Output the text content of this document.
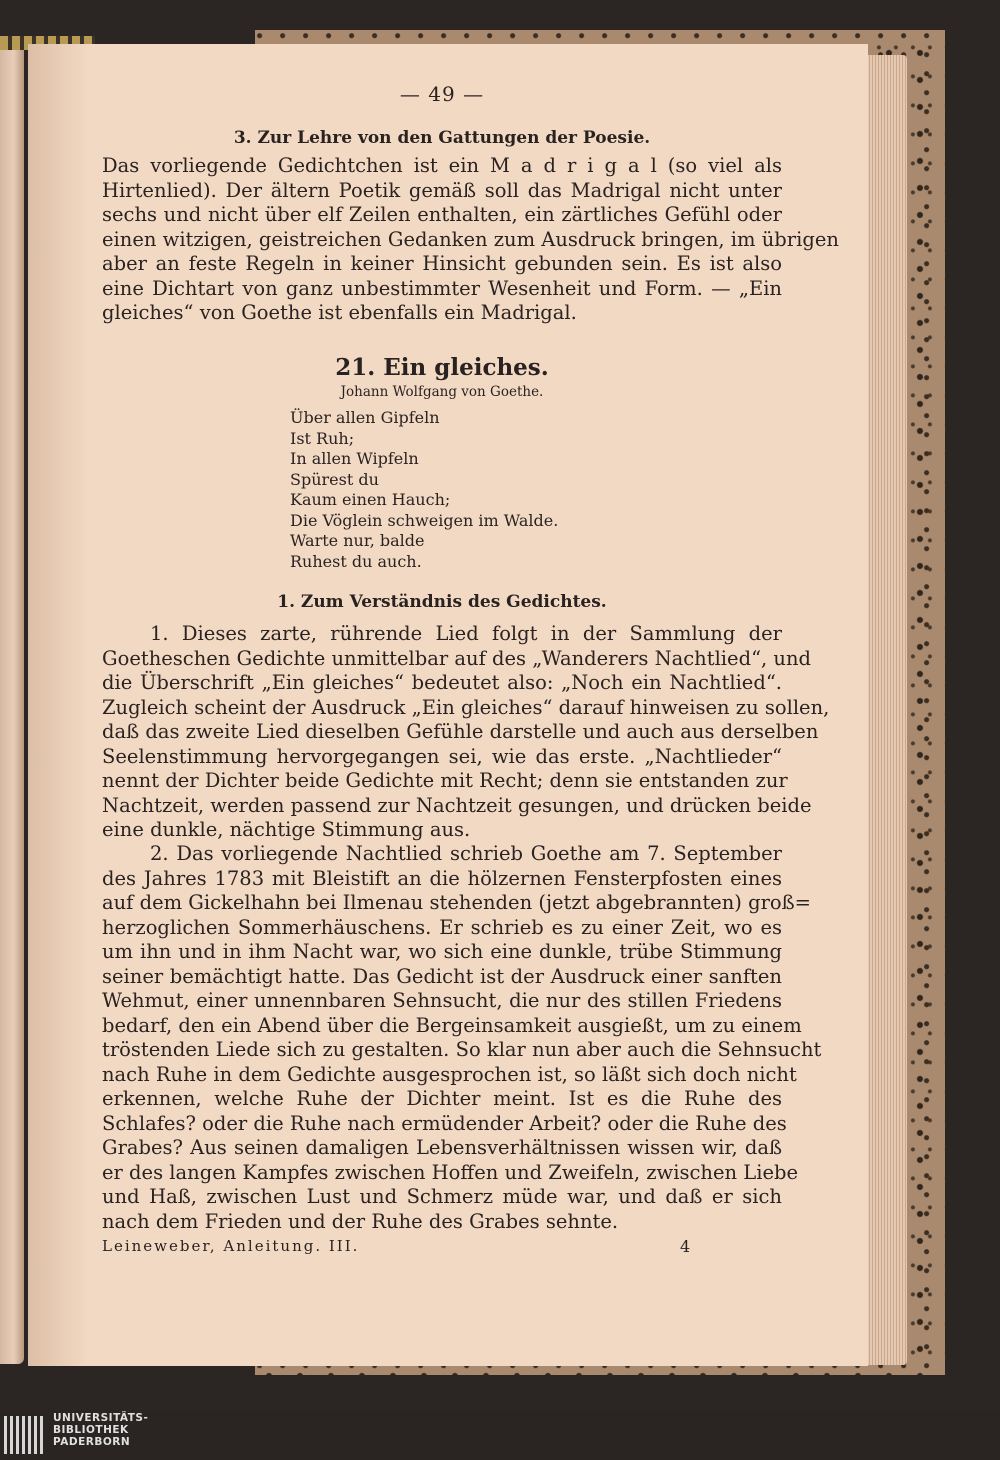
— 49 —
3. Zur Lehre von den Gattungen der Poesie.
Das vorliegende Gedichtchen ist ein M a d r i g a l (so viel als
Hirtenlied). Der ältern Poetik gemäß soll das Madrigal nicht unter
sechs und nicht über elf Zeilen enthalten, ein zärtliches Gefühl oder
einen witzigen, geistreichen Gedanken zum Ausdruck bringen, im übrigen
aber an feste Regeln in keiner Hinsicht gebunden sein. Es ist also
eine Dichtart von ganz unbestimmter Wesenheit und Form. — „Ein
gleiches“ von Goethe ist ebenfalls ein Madrigal.
21. Ein gleiches.
Johann Wolfgang von Goethe.
Über allen Gipfeln
Ist Ruh;
In allen Wipfeln
Spürest du
Kaum einen Hauch;
Die Vöglein schweigen im Walde.
Warte nur, balde
Ruhest du auch.
1. Zum Verständnis des Gedichtes.
1. Dieses zarte, rührende Lied folgt in der Sammlung der
Goetheschen Gedichte unmittelbar auf des „Wanderers Nachtlied“, und
die Überschrift „Ein gleiches“ bedeutet also: „Noch ein Nachtlied“.
Zugleich scheint der Ausdruck „Ein gleiches“ darauf hinweisen zu sollen,
daß das zweite Lied dieselben Gefühle darstelle und auch aus derselben
Seelenstimmung hervorgegangen sei, wie das erste. „Nachtlieder“
nennt der Dichter beide Gedichte mit Recht; denn sie entstanden zur
Nachtzeit, werden passend zur Nachtzeit gesungen, und drücken beide
eine dunkle, nächtige Stimmung aus.
2. Das vorliegende Nachtlied schrieb Goethe am 7. September
des Jahres 1783 mit Bleistift an die hölzernen Fensterpfosten eines
auf dem Gickelhahn bei Ilmenau stehenden (jetzt abgebrannten) groß=
herzoglichen Sommerhäuschens. Er schrieb es zu einer Zeit, wo es
um ihn und in ihm Nacht war, wo sich eine dunkle, trübe Stimmung
seiner bemächtigt hatte. Das Gedicht ist der Ausdruck einer sanften
Wehmut, einer unnennbaren Sehnsucht, die nur des stillen Friedens
bedarf, den ein Abend über die Bergeinsamkeit ausgießt, um zu einem
tröstenden Liede sich zu gestalten. So klar nun aber auch die Sehnsucht
nach Ruhe in dem Gedichte ausgesprochen ist, so läßt sich doch nicht
erkennen, welche Ruhe der Dichter meint. Ist es die Ruhe des
Schlafes? oder die Ruhe nach ermüdender Arbeit? oder die Ruhe des
Grabes? Aus seinen damaligen Lebensverhältnissen wissen wir, daß
er des langen Kampfes zwischen Hoffen und Zweifeln, zwischen Liebe
und Haß, zwischen Lust und Schmerz müde war, und daß er sich
nach dem Frieden und der Ruhe des Grabes sehnte.
Leineweber, Anleitung. III.	4
UNIVERSITÄTS-
BIBLIOTHEK
PADERBORN
